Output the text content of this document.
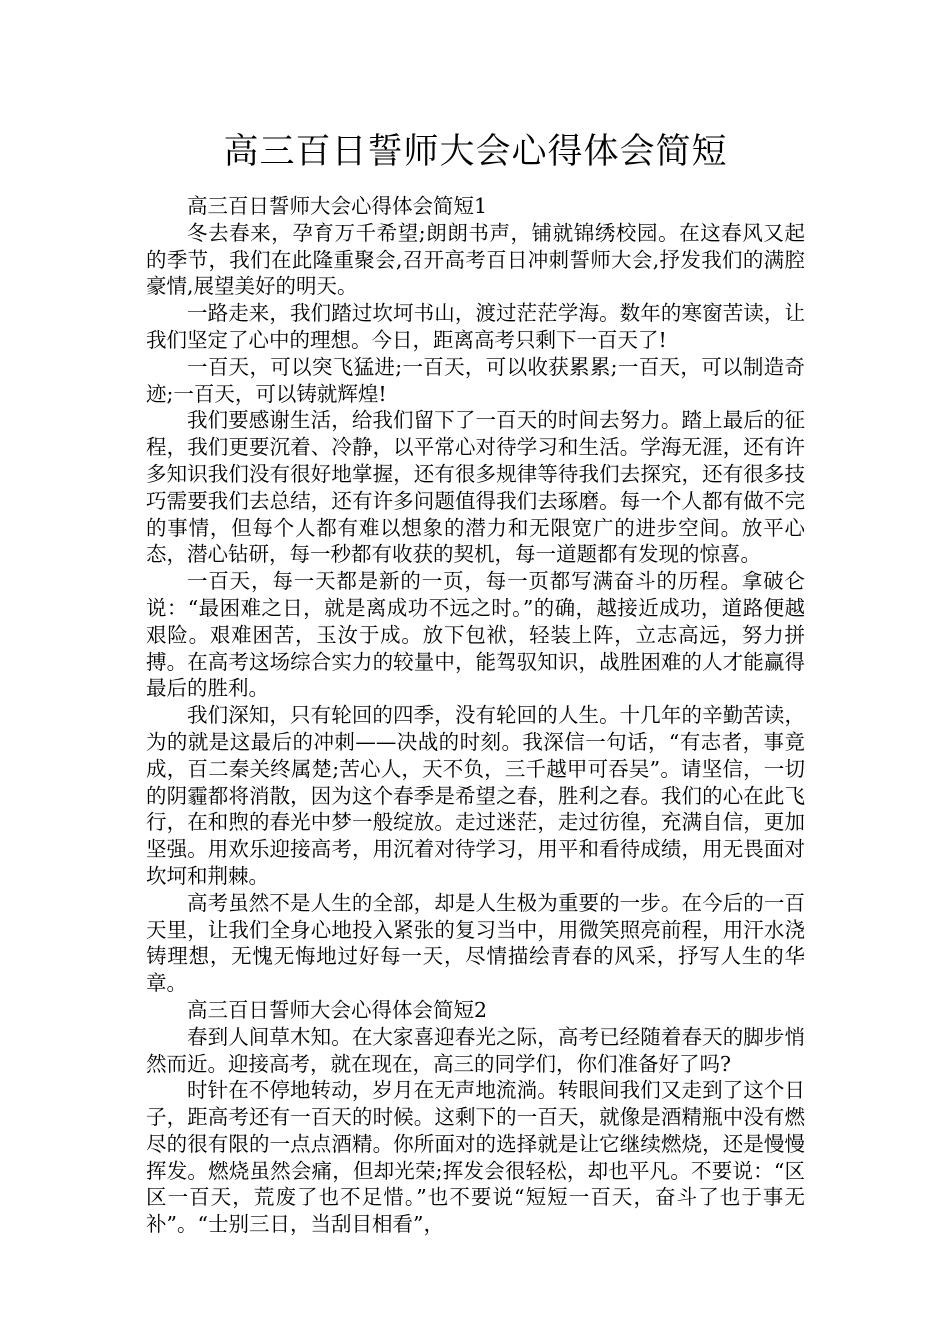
高三百日誓师大会心得体会简短

高三百日誓师大会心得体会简短1

冬去春来，孕育万千希望;朗朗书声，铺就锦绣校园。在这春风又起的季节，我们在此隆重聚会,召开高考百日冲刺誓师大会,抒发我们的满腔豪情,展望美好的明天。

一路走来，我们踏过坎坷书山，渡过茫茫学海。数年的寒窗苦读，让我们坚定了心中的理想。今日，距离高考只剩下一百天了!

一百天，可以突飞猛进;一百天，可以收获累累;一百天，可以制造奇迹;一百天，可以铸就辉煌!

我们要感谢生活，给我们留下了一百天的时间去努力。踏上最后的征程，我们更要沉着、冷静，以平常心对待学习和生活。学海无涯，还有许多知识我们没有很好地掌握，还有很多规律等待我们去探究，还有很多技巧需要我们去总结，还有许多问题值得我们去琢磨。每一个人都有做不完的事情，但每个人都有难以想象的潜力和无限宽广的进步空间。放平心态，潜心钻研，每一秒都有收获的契机，每一道题都有发现的惊喜。

一百天，每一天都是新的一页，每一页都写满奋斗的历程。拿破仑说：“最困难之日，就是离成功不远之时。”的确，越接近成功，道路便越艰险。艰难困苦，玉汝于成。放下包袱，轻装上阵，立志高远，努力拼搏。在高考这场综合实力的较量中，能驾驭知识，战胜困难的人才能赢得最后的胜利。

我们深知，只有轮回的四季，没有轮回的人生。十几年的辛勤苦读，为的就是这最后的冲刺——决战的时刻。我深信一句话，“有志者，事竟成，百二秦关终属楚;苦心人，天不负，三千越甲可吞吴”。请坚信，一切的阴霾都将消散，因为这个春季是希望之春，胜利之春。我们的心在此飞行，在和煦的春光中梦一般绽放。走过迷茫，走过彷徨，充满自信，更加坚强。用欢乐迎接高考，用沉着对待学习，用平和看待成绩，用无畏面对坎坷和荆棘。

高考虽然不是人生的全部，却是人生极为重要的一步。在今后的一百天里，让我们全身心地投入紧张的复习当中，用微笑照亮前程，用汗水浇铸理想，无愧无悔地过好每一天，尽情描绘青春的风采，抒写人生的华章。

高三百日誓师大会心得体会简短2

春到人间草木知。在大家喜迎春光之际，高考已经随着春天的脚步悄然而近。迎接高考，就在现在，高三的同学们，你们准备好了吗?

时针在不停地转动，岁月在无声地流淌。转眼间我们又走到了这个日子，距高考还有一百天的时候。这剩下的一百天，就像是酒精瓶中没有燃尽的很有限的一点点酒精。你所面对的选择就是让它继续燃烧，还是慢慢挥发。燃烧虽然会痛，但却光荣;挥发会很轻松，却也平凡。不要说：“区区一百天，荒废了也不足惜。”也不要说“短短一百天，奋斗了也于事无补”。“士别三日，当刮目相看”，
